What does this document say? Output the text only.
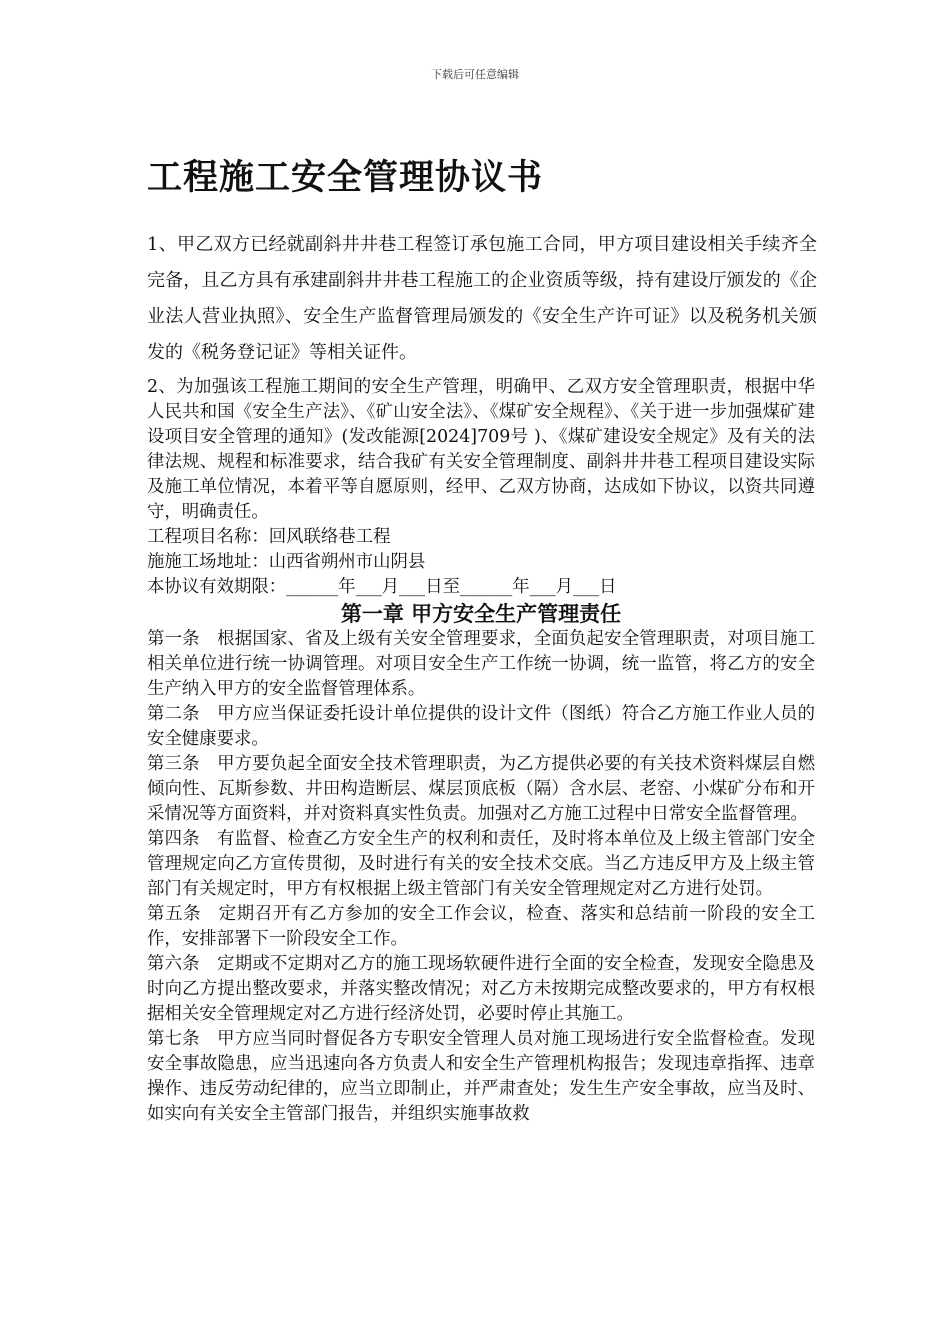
下载后可任意编辑
工程施工安全管理协议书

1、甲乙双方已经就副斜井井巷工程签订承包施工合同，甲方项目建设相关手续齐全完备，且乙方具有承建副斜井井巷工程施工的企业资质等级，持有建设厅颁发的《企业法人营业执照》、安全生产监督管理局颁发的《安全生产许可证》以及税务机关颁发的《税务登记证》等相关证件。

2、为加强该工程施工期间的安全生产管理，明确甲、乙双方安全管理职责，根据中华人民共和国《安全生产法》、《矿山安全法》、《煤矿安全规程》、《关于进一步加强煤矿建设项目安全管理的通知》(发改能源[2024]709号 )、《煤矿建设安全规定》及有关的法律法规、规程和标准要求，结合我矿有关安全管理制度、副斜井井巷工程项目建设实际及施工单位情况，本着平等自愿原则，经甲、乙双方协商，达成如下协议，以资共同遵守，明确责任。

工程项目名称：回风联络巷工程

施施工场地址：山西省朔州市山阴县

本协议有效期限：______年___月___日至______年___月___日

第一章 甲方安全生产管理责任

第一条 根据国家、省及上级有关安全管理要求，全面负起安全管理职责，对项目施工相关单位进行统一协调管理。对项目安全生产工作统一协调，统一监管，将乙方的安全生产纳入甲方的安全监督管理体系。

第二条 甲方应当保证委托设计单位提供的设计文件（图纸）符合乙方施工作业人员的安全健康要求。

第三条 甲方要负起全面安全技术管理职责，为乙方提供必要的有关技术资料煤层自燃倾向性、瓦斯参数、井田构造断层、煤层顶底板（隔）含水层、老窑、小煤矿分布和开采情况等方面资料，并对资料真实性负责。加强对乙方施工过程中日常安全监督管理。

第四条 有监督、检查乙方安全生产的权利和责任，及时将本单位及上级主管部门安全管理规定向乙方宣传贯彻，及时进行有关的安全技术交底。当乙方违反甲方及上级主管部门有关规定时，甲方有权根据上级主管部门有关安全管理规定对乙方进行处罚。

第五条 定期召开有乙方参加的安全工作会议，检查、落实和总结前一阶段的安全工作，安排部署下一阶段安全工作。

第六条 定期或不定期对乙方的施工现场软硬件进行全面的安全检查，发现安全隐患及时向乙方提出整改要求，并落实整改情况；对乙方未按期完成整改要求的，甲方有权根据相关安全管理规定对乙方进行经济处罚，必要时停止其施工。

第七条 甲方应当同时督促各方专职安全管理人员对施工现场进行安全监督检查。发现安全事故隐患，应当迅速向各方负责人和安全生产管理机构报告；发现违章指挥、违章操作、违反劳动纪律的，应当立即制止，并严肃查处；发生生产安全事故，应当及时、如实向有关安全主管部门报告，并组织实施事故救
